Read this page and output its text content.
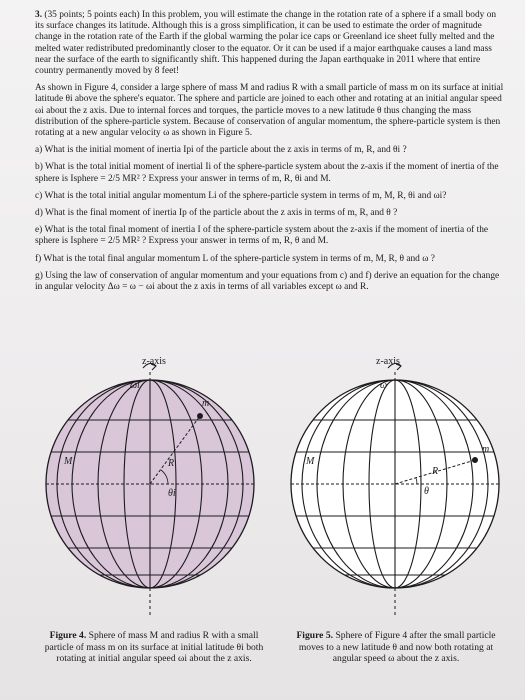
3. (35 points; 5 points each) In this problem, you will estimate the change in the rotation rate of a sphere if a small body on its surface changes its latitude. Although this is a gross simplification, it can be used to estimate the order of magnitude change in the rotation rate of the Earth if the global warming the polar ice caps or Greenland ice sheet fully melted and the melted water redistributed predominantly closer to the equator. Or it can be used if a major earthquake causes a land mass near the surface of the earth to significantly shift. This happened during the Japan earthquake in 2011 where that entire country permanently moved by 8 feet!

As shown in Figure 4, consider a large sphere of mass M and radius R with a small particle of mass m on its surface at initial latitude θi above the sphere's equator. The sphere and particle are joined to each other and rotating at an initial angular speed ωi about the z axis. Due to internal forces and torques, the particle moves to a new latitude θ thus changing the mass distribution of the sphere-particle system. Because of conservation of angular momentum, the sphere-particle system is then rotating at a new angular velocity ω as shown in Figure 5.

a) What is the initial moment of inertia Ipi of the particle about the z axis in terms of m, R, and θi ?
b) What is the total initial moment of inertial Ii of the sphere-particle system about the z-axis if the moment of inertia of the sphere is Isphere = 2/5 MR² ? Express your answer in terms of m, R, θi and M.
c) What is the total initial angular momentum Li of the sphere-particle system in terms of m, M, R, θi and ωi?
d) What is the final moment of inertia Ip of the particle about the z axis in terms of m, R, and θ ?
e) What is the total final moment of inertia I of the sphere-particle system about the z-axis if the moment of inertia of the sphere is Isphere = 2/5 MR² ? Express your answer in terms of m, R, θ and M.
f) What is the total final angular momentum L of the sphere-particle system in terms of m, M, R, θ and ω ?
g) Using the law of conservation of angular momentum and your equations from c) and f) derive an equation for the change in angular velocity Δω = ω − ωi about the z axis in terms of all variables except ω and R.
z-axis
ωi
M
m
R
θi
z-axis
ω
M
m
R
θ
Figure 4. Sphere of mass M and radius R with a small particle of mass m on its surface at initial latitude θi both rotating at initial angular speed ωi about the z axis.
Figure 5. Sphere of Figure 4 after the small particle moves to a new latitude θ and now both rotating at angular speed ω about the z axis.
